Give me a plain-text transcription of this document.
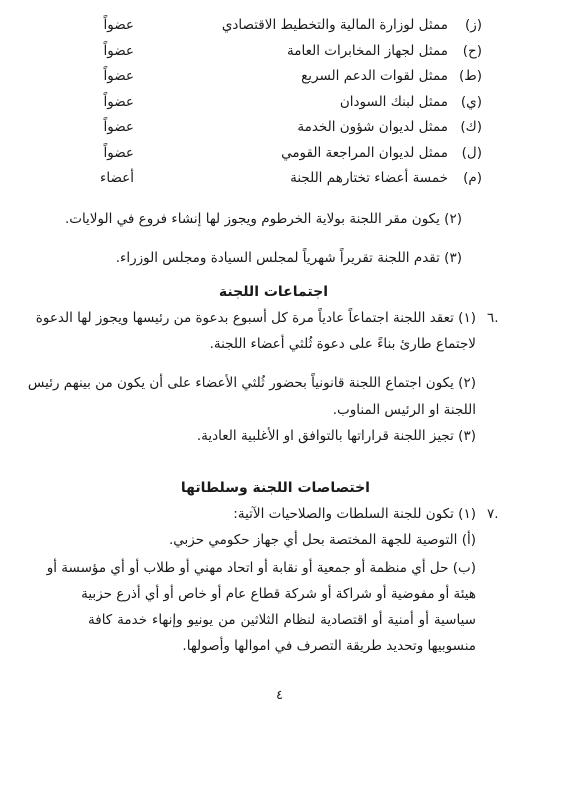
(ز)
ممثل لوزارة المالية والتخطيط الاقتصادي
عضواً
(ح)
ممثل لجهاز المخابرات العامة
عضواً
(ط)
ممثل لقوات الدعم السريع
عضواً
(ي)
ممثل لبنك السودان
عضواً
(ك)
ممثل لديوان شؤون الخدمة
عضواً
(ل)
ممثل لديوان المراجعة القومي
عضواً
(م)
خمسة أعضاء تختارهم اللجنة
أعضاء
(٢) يكون مقر اللجنة بولاية الخرطوم ويجوز لها إنشاء فروع في الولايات.
(٣) تقدم اللجنة تقريراً شهرياً لمجلس السيادة ومجلس الوزراء.
اجتماعات اللجنة
٦.
(١) تعقد اللجنة اجتماعاً عادياً مرة كل أسبوع بدعوة من رئيسها ويجوز لها الدعوة
لاجتماع طارئ بناءً على دعوة ثُلثي أعضاء اللجنة.
(٢) يكون اجتماع اللجنة قانونياً بحضور ثُلثي الأعضاء على أن يكون من بينهم رئيس
اللجنة او الرئيس المناوب.
(٣) تجيز اللجنة قراراتها بالتوافق او الأغلبية العادية.
اختصاصات اللجنة وسلطاتها
٧.
(١) تكون للجنة السلطات والصلاحيات الآتية:
(أ) التوصية للجهة المختصة بحل أي جهاز حكومي حزبي.
(ب) حل أي منظمة أو جمعية أو نقابة أو اتحاد مهني أو طلاب أو أي مؤسسة أو
هيئة أو مفوضية أو شراكة أو شركة قطاع عام أو خاص أو أي أذرع حزبية
سياسية أو أمنية أو اقتصادية لنظام الثلاثين من يونيو وإنهاء خدمة كافة
منسوبيها وتحديد طريقة التصرف في اموالها وأصولها.
٤
